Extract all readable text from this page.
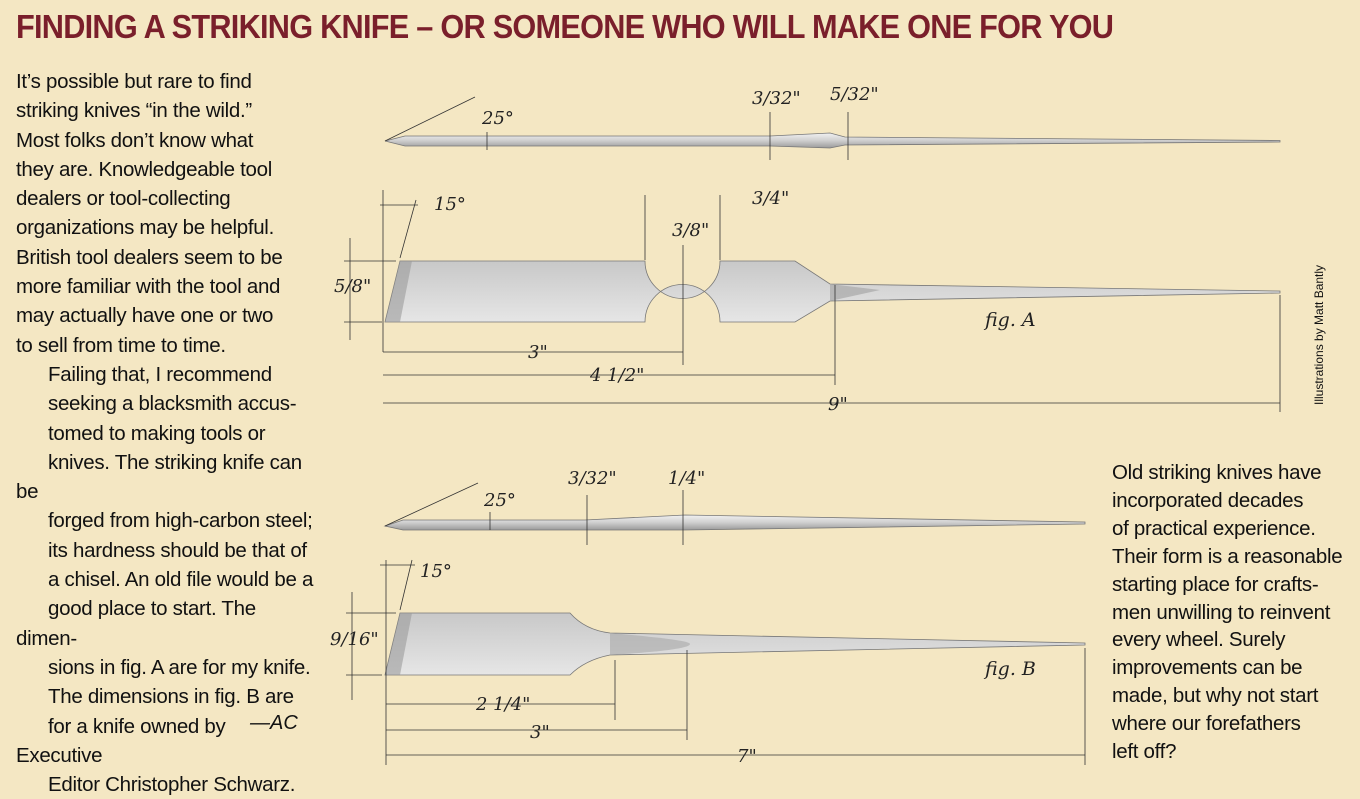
FINDING A STRIKING KNIFE – OR SOMEONE WHO WILL MAKE ONE FOR YOU

It’s possible but rare to find
striking knives “in the wild.”
Most folks don’t know what
they are. Knowledgeable tool
dealers or tool-collecting
organizations may be helpful.
British tool dealers seem to be
more familiar with the tool and
may actually have one or two
to sell from time to time.

Failing that, I recommend
seeking a blacksmith accus-
tomed to making tools or
knives. The striking knife can be
forged from high-carbon steel;
its hardness should be that of
a chisel. An old file would be a
good place to start. The dimen-
sions in fig. A are for my knife.
The dimensions in fig. B are
for a knife owned by Executive
Editor Christopher Schwarz.

—AC
Old striking knives have
incorporated decades
of practical experience.
Their form is a reasonable
starting place for crafts-
men unwilling to reinvent
every wheel. Surely
improvements can be
made, but why not start
where our forefathers
left off?
Illustrations by Matt Bantly
25°
3/32" 5/32"
15°	3/4"
3/8"
5/8"
3"
4 1/2"
9"
fig. A
25°
3/32"	1/4"
15°
9/16"
2 1/4"
3"
7"
fig. B
